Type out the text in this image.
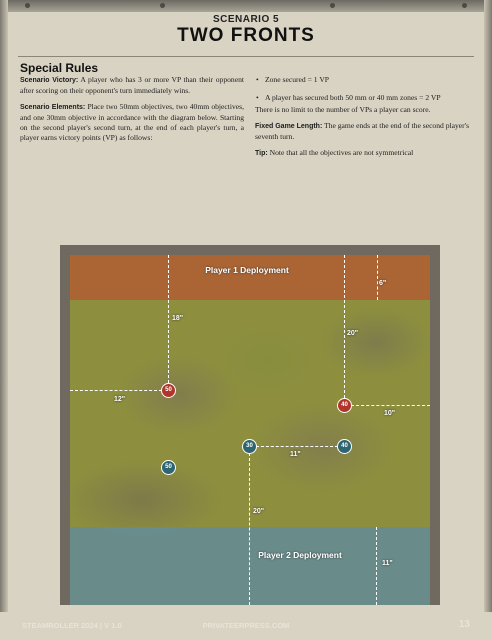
SCENARIO 5
TWO FRONTS
Special Rules

Scenario Victory: A player who has 3 or more VP than their opponent after scoring on their opponent's turn immediately wins.

Scenario Elements: Place two 50mm objectives, two 40mm objectives, and one 30mm objective in accordance with the diagram below. Starting on the second player's second turn, at the end of each player's turn, a player earns victory points (VP) as follows:

• Zone secured = 1 VP
• A player has secured both 50 mm or 40 mm zones = 2 VP

There is no limit to the number of VPs a player can score.

Fixed Game Length: The game ends at the end of the second player's seventh turn.

Tip: Note that all the objectives are not symmetrical

Player 1 Deployment
Player 2 Deployment
6"
18"
20"
12"
10"
11"
20"
11"
50
40
50
30	40
STEAMROLLER 2024 | V 1.0	PRIVATEERPRESS.COM	13
